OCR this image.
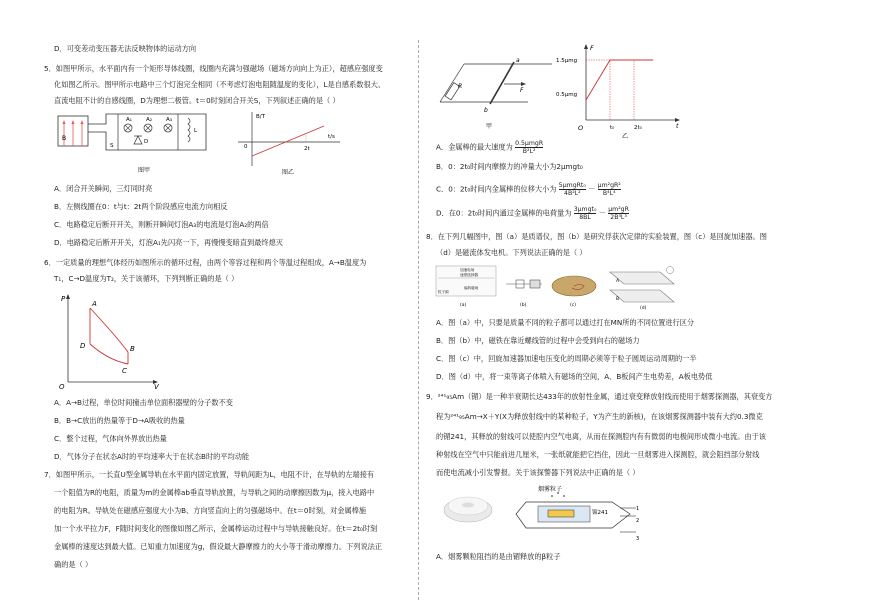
D．可变差动变压器无法反映物体的运动方向
5．如图甲所示，水平面内有一个矩形导体线圈，线圈内充满匀强磁场（磁场方向向上为正），超感应强度变
化如图乙所示。图甲所示电路中三个灯泡完全相同（不考虑灯泡电阻随温度的变化），L是自感系数很大、
直流电阻不计的自感线圈，D为理想二极管。t＝0时刻闭合开关S，下列叙述正确的是（ ）
B
A₁	A₂	A₃
S
D
L
图甲
B/T
t/s
0	2t
图乙
A．闭合开关瞬间，三灯同时亮
B．左侧线圈在0：t与t：2t两个阶段感应电流方向相反
C．电路稳定后断开开关，则断开瞬间灯泡A₃的电流是灯泡A₂的两倍
D．电路稳定后断开开关，灯泡A₁先闪亮一下，再慢慢变暗直到最终熄灭
6．一定质量的理想气体经历如图所示的循环过程，由两个等容过程和两个等温过程组成，A→B温度为
T₁，C→D温度为T₂，关于该循环，下列判断正确的是（ ）
P
V
O
A
B
C
D
A．A→B过程，单位时间撞击单位面积器壁的分子数不变
B．B→C放出的热量等于D→A吸收的热量
C．整个过程，气体向外界放出热量
D．气体分子在状态A时的平均速率大于在状态B时的平均动能
7．如图甲所示，一长直U型金属导轨在水平面内固定放置，导轨间距为L，电阻不计，在导轨的左端接有
一个阻值为R的电阻，质量为m的金属棒ab垂直导轨放置，与导轨之间的动摩擦因数为μ，接入电路中
的电阻为R。导轨处在磁感应强度大小为B、方向竖直向上的匀强磁场中。在t＝0时刻，对金属棒施
加一个水平拉力F，F随时间变化的图像如图乙所示，金属棒运动过程中与导轨接触良好。在t＝2t₀时刻
金属棒的速度达到最大值。已知重力加速度为g，假设最大静摩擦力的大小等于滑动摩擦力。下列说法正
确的是（ ）
a
b
R
F
甲
F
t
O
1.5μmg
0.5μmg
t₀	2t₀
乙
A．金属棒的最大速度为 0.5μmgR
B²L²
B．0：2t₀时间内摩擦力的冲量大小为2μmgt₀
C．0：2t₀时间内金属棒的位移大小为 5μmgRt₀
4B²L²	－ $\frac{\text{μm²gR²}}{\text{B⁴L⁴}}$
D．在0：2t₀时间内通过金属棒的电荷量为 3μmgt₀
8BL	－ $\frac{\text{μm²gR}}{\text{2B³L³}}$
8．在下列几幅图中，图（a）是质谱仪，图（b）是研究俘获次定律的实验装置，图（c）是回旋加速器。图
（d）是磁流体发电机。下列说法正确的是（ ）
加速电场
速度选择器
偏转磁场
粒子源
(a)	(b)	(c)
A
B
(d)
A．图（a）中，只要是质量不同的粒子都可以通过打在MN所的不同位置进行区分
B．图（b）中，磁铁在靠近螺线管的过程中会受到向右的磁场力
C．图（c）中，回旋加速器加速电压变化的周期必须等于粒子圆周运动周期的一半
D．图（d）中，将一束等离子体喷入有磁场的空间，A、B板间产生电势差，A板电势低
9．²⁴¹₉₅Am（镅）是一种半衰期长达433年的放射性金属，通过衰变释放射线而使用于烟雾探测器，其衰变方
程为²⁴¹₉₅Am→X＋Y(X为释放射线中的某种粒子，Y为产生的新核)，在该烟雾探测器中装有大约0.3微克
的镅241，其释放的射线可以使腔内空气电离，从而在探测腔内有有微弱的电极间形成微小电流。由于该
种射线在空气中只能前进几厘米，一张纸就能把它挡住，因此一旦烟雾进入探测腔，就会阻挡部分射线
而使电流减小引发警报。关于该探警器下列说法中正确的是（ ）
烟雾粒子
镅241
1
2
3
A．烟雾颗粒阻挡的是由镅释放的β粒子
